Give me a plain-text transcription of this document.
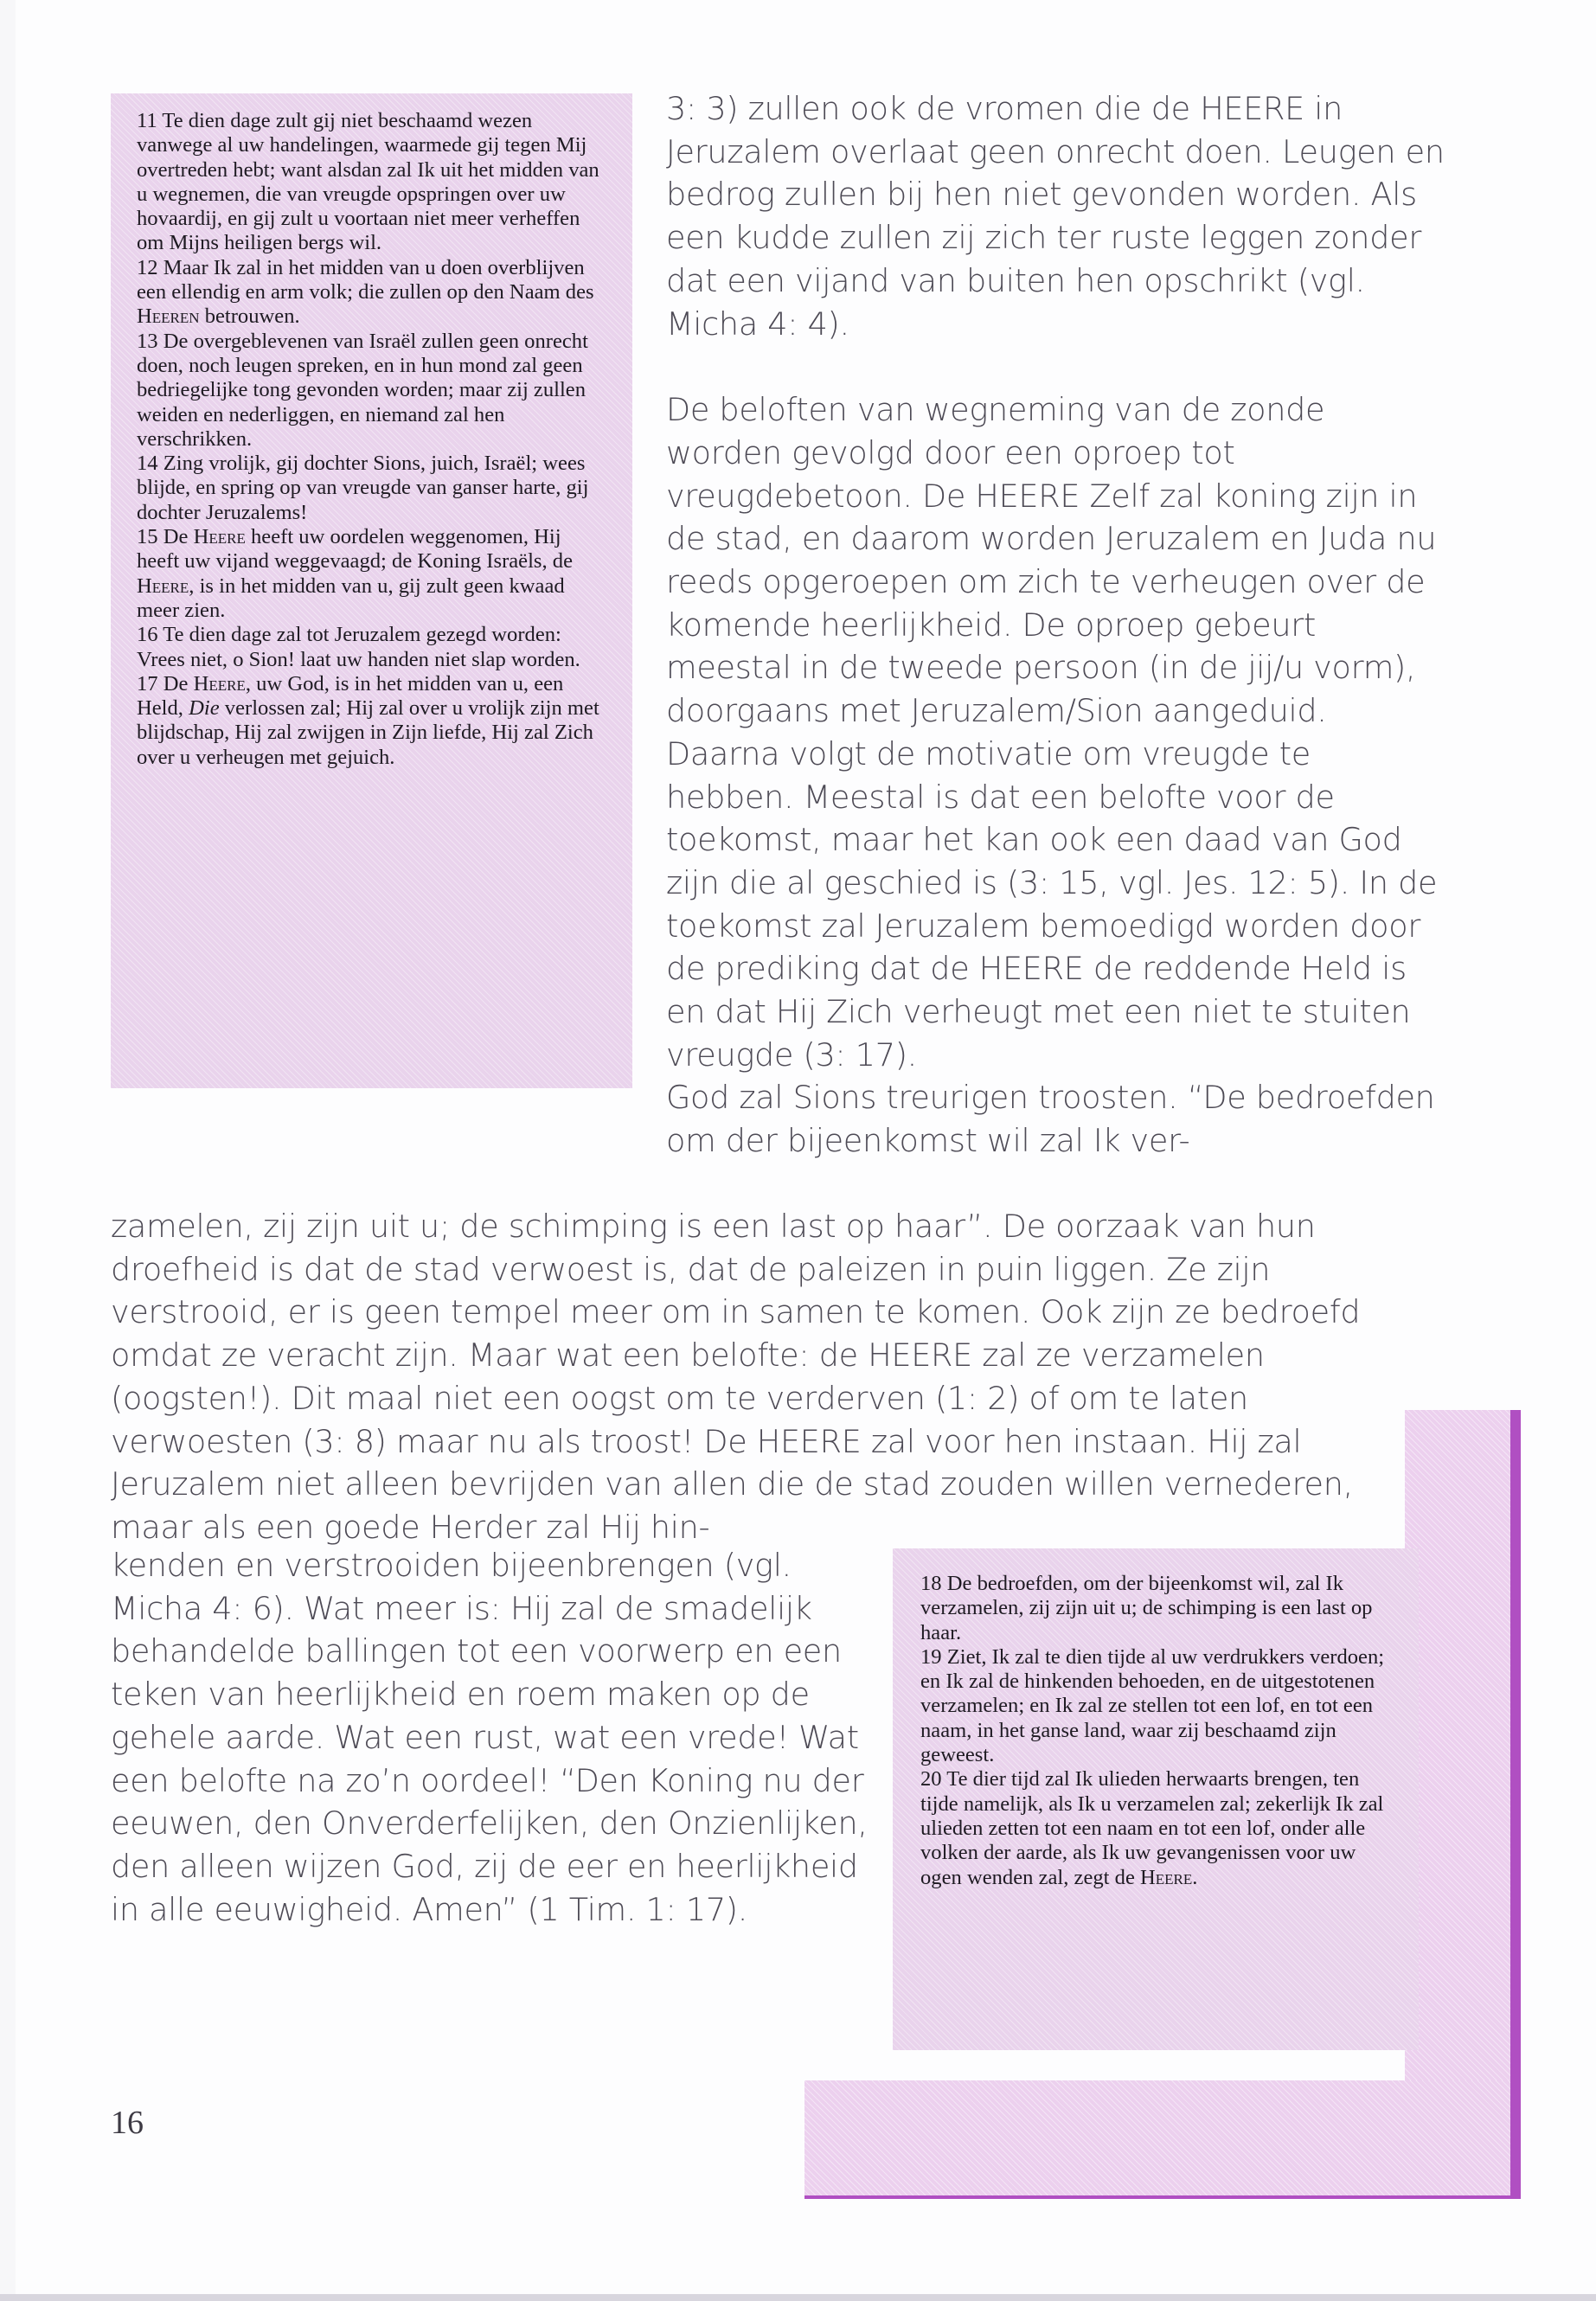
11 Te dien dage zult gij niet beschaamd wezen vanwege al uw handelingen, waarmede gij tegen Mij overtreden hebt; want alsdan zal Ik uit het midden van u wegnemen, die van vreugde opspringen over uw hovaardij, en gij zult u voortaan niet meer verheffen om Mijns heiligen bergs wil.

12 Maar Ik zal in het midden van u doen overblijven een ellendig en arm volk; die zullen op den Naam des Heeren betrouwen.

13 De overgeblevenen van Israël zullen geen onrecht doen, noch leugen spreken, en in hun mond zal geen bedriegelijke tong gevonden worden; maar zij zullen weiden en nederliggen, en niemand zal hen verschrikken.

14 Zing vrolijk, gij dochter Sions, juich, Israël; wees blijde, en spring op van vreugde van ganser harte, gij dochter Jeruzalems!

15 De Heere heeft uw oordelen weggenomen, Hij heeft uw vijand weggevaagd; de Koning Israëls, de Heere, is in het midden van u, gij zult geen kwaad meer zien.

16 Te dien dage zal tot Jeruzalem gezegd worden: Vrees niet, o Sion! laat uw handen niet slap worden.

17 De Heere, uw God, is in het midden van u, een Held, Die verlossen zal; Hij zal over u vrolijk zijn met blijdschap, Hij zal zwijgen in Zijn liefde, Hij zal Zich over u verheugen met gejuich.

3: 3) zullen ook de vromen die de HEERE in Jeruzalem overlaat geen onrecht doen. Leugen en bedrog zullen bij hen niet gevonden worden. Als een kudde zullen zij zich ter ruste leggen zonder dat een vijand van buiten hen opschrikt (vgl. Micha 4: 4).

De beloften van wegneming van de zonde worden gevolgd door een oproep tot vreugdebetoon. De HEERE Zelf zal koning zijn in de stad, en daarom worden Jeruzalem en Juda nu reeds opgeroepen om zich te verheugen over de komende heerlijkheid. De oproep gebeurt meestal in de tweede persoon (in de jij/u vorm), doorgaans met Jeruzalem/Sion aangeduid. Daarna volgt de motivatie om vreugde te hebben. Meestal is dat een belofte voor de toekomst, maar het kan ook een daad van God zijn die al geschied is (3: 15, vgl. Jes. 12: 5). In de toekomst zal Jeruzalem bemoedigd worden door de prediking dat de HEERE de reddende Held is en dat Hij Zich verheugt met een niet te stuiten vreugde (3: 17).

God zal Sions treurigen troosten. “De bedroefden om der bijeenkomst wil zal Ik ver-

zamelen, zij zijn uit u; de schimping is een last op haar”. De oorzaak van hun droefheid is dat de stad verwoest is, dat de paleizen in puin liggen. Ze zijn verstrooid, er is geen tempel meer om in samen te komen. Ook zijn ze bedroefd omdat ze veracht zijn. Maar wat een belofte: de HEERE zal ze verzamelen (oogsten!). Dit maal niet een oogst om te verderven (1: 2) of om te laten verwoesten (3: 8) maar nu als troost! De HEERE zal voor hen instaan. Hij zal Jeruzalem niet alleen bevrijden van allen die de stad zouden willen vernederen, maar als een goede Herder zal Hij hin-

kenden en verstrooiden bijeenbrengen (vgl. Micha 4: 6). Wat meer is: Hij zal de smadelijk behandelde ballingen tot een voorwerp en een teken van heerlijkheid en roem maken op de gehele aarde. Wat een rust, wat een vrede! Wat een belofte na zo’n oordeel! “Den Koning nu der eeuwen, den Onverderfelijken, den Onzienlijken, den alleen wijzen God, zij de eer en heerlijkheid in alle eeuwigheid. Amen” (1 Tim. 1: 17).

18 De bedroefden, om der bijeenkomst wil, zal Ik verzamelen, zij zijn uit u; de schimping is een last op haar.

19 Ziet, Ik zal te dien tijde al uw verdrukkers verdoen; en Ik zal de hinkenden behoeden, en de uitgestotenen verzamelen; en Ik zal ze stellen tot een lof, en tot een naam, in het ganse land, waar zij beschaamd zijn geweest.

20 Te dier tijd zal Ik ulieden herwaarts brengen, ten tijde namelijk, als Ik u verzamelen zal; zekerlijk Ik zal ulieden zetten tot een naam en tot een lof, onder alle volken der aarde, als Ik uw gevangenissen voor uw ogen wenden zal, zegt de Heere.

16
